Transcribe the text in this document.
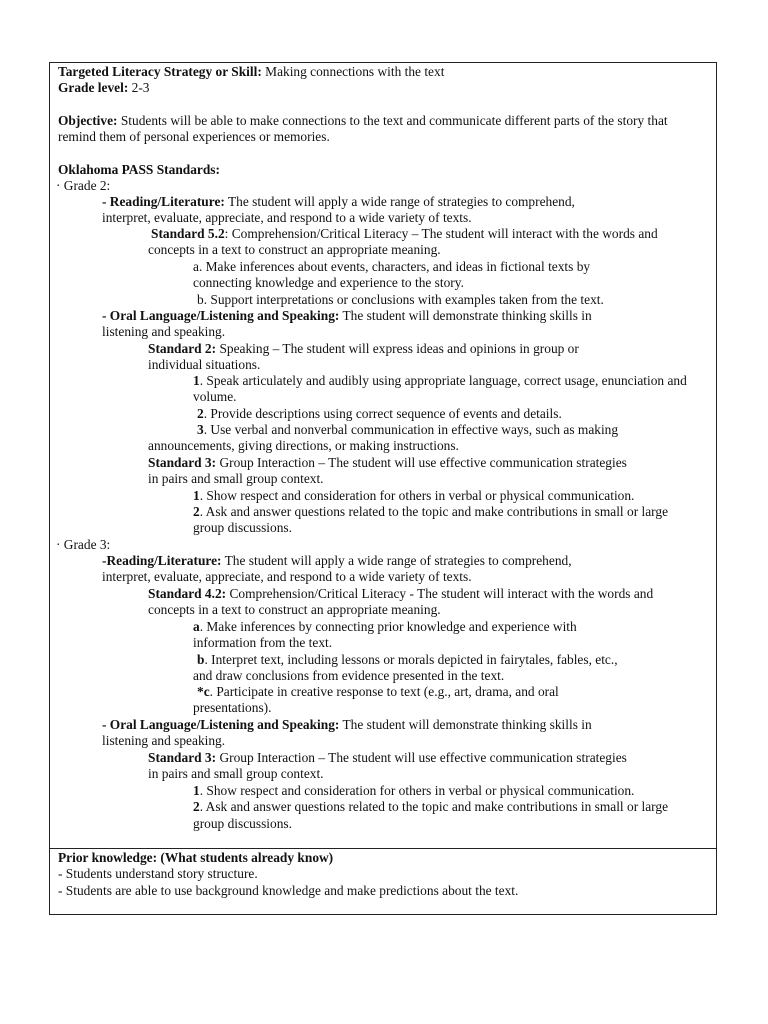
Targeted Literacy Strategy or Skill: Making connections with the text
Grade level: 2-3
Objective: Students will be able to make connections to the text and communicate different parts of the story that
remind them of personal experiences or memories.
Oklahoma PASS Standards:
· Grade 2:
- Reading/Literature: The student will apply a wide range of strategies to comprehend,
interpret, evaluate, appreciate, and respond to a wide variety of texts.
Standard 5.2: Comprehension/Critical Literacy – The student will interact with the words and
concepts in a text to construct an appropriate meaning.
a. Make inferences about events, characters, and ideas in fictional texts by
connecting knowledge and experience to the story.
b. Support interpretations or conclusions with examples taken from the text.
- Oral Language/Listening and Speaking: The student will demonstrate thinking skills in
listening and speaking.
Standard 2: Speaking – The student will express ideas and opinions in group or
individual situations.
1. Speak articulately and audibly using appropriate language, correct usage, enunciation and
volume.
2. Provide descriptions using correct sequence of events and details.
3. Use verbal and nonverbal communication in effective ways, such as making
announcements, giving directions, or making instructions.
Standard 3: Group Interaction – The student will use effective communication strategies
in pairs and small group context.
1. Show respect and consideration for others in verbal or physical communication.
2. Ask and answer questions related to the topic and make contributions in small or large
group discussions.
· Grade 3:
-Reading/Literature: The student will apply a wide range of strategies to comprehend,
interpret, evaluate, appreciate, and respond to a wide variety of texts.
Standard 4.2: Comprehension/Critical Literacy - The student will interact with the words and
concepts in a text to construct an appropriate meaning.
a. Make inferences by connecting prior knowledge and experience with
information from the text.
b. Interpret text, including lessons or morals depicted in fairytales, fables, etc.,
and draw conclusions from evidence presented in the text.
*c. Participate in creative response to text (e.g., art, drama, and oral
presentations).
- Oral Language/Listening and Speaking: The student will demonstrate thinking skills in
listening and speaking.
Standard 3: Group Interaction – The student will use effective communication strategies
in pairs and small group context.
1. Show respect and consideration for others in verbal or physical communication.
2. Ask and answer questions related to the topic and make contributions in small or large
group discussions.
Prior knowledge: (What students already know)
- Students understand story structure.
- Students are able to use background knowledge and make predictions about the text.
